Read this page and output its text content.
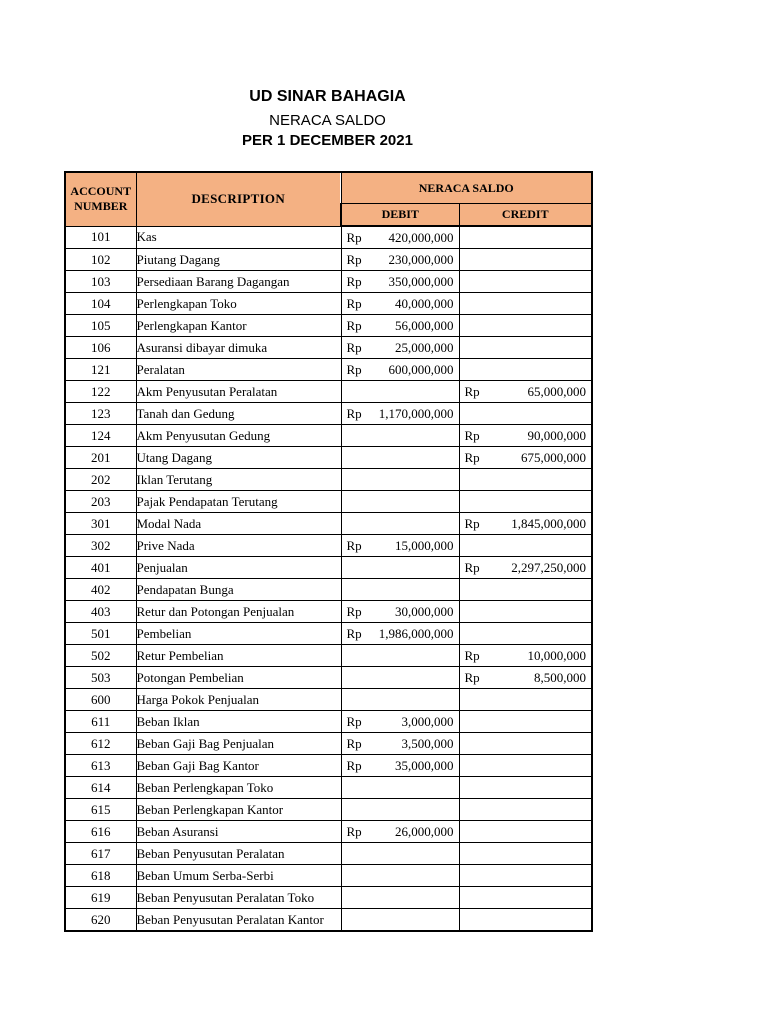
UD SINAR BAHAGIA
NERACA SALDO
PER 1 DECEMBER 2021
ACCOUNT
NUMBER	DESCRIPTION	NERACA SALDO	
		DEBIT	CREDIT
101	Kas	Rp 420,000,000	

102	Piutang Dagang	Rp 230,000,000	

103	Persediaan Barang Dagangan	Rp 350,000,000	

104	Perlengkapan Toko	Rp 40,000,000	

105	Perlengkapan Kantor	Rp 56,000,000	

106	Asuransi dibayar dimuka	Rp 25,000,000	

121	Peralatan	Rp 600,000,000	

122	Akm Penyusutan Peralatan		Rp 65,000,000

123	Tanah dan Gedung	Rp 1,170,000,000	

124	Akm Penyusutan Gedung		Rp 90,000,000

201	Utang Dagang		Rp 675,000,000

202	Iklan Terutang	

203	Pajak Pendapatan Terutang	

301	Modal Nada		Rp 1,845,000,000

302	Prive Nada	Rp 15,000,000	

401	Penjualan		Rp 2,297,250,000

402	Pendapatan Bunga	

403	Retur dan Potongan Penjualan	Rp 30,000,000	

501	Pembelian	Rp 1,986,000,000	

502	Retur Pembelian		Rp 10,000,000

503	Potongan Pembelian		Rp 8,500,000

600	Harga Pokok Penjualan	

611	Beban Iklan	Rp 3,000,000	

612	Beban Gaji Bag Penjualan	Rp 3,500,000	

613	Beban Gaji Bag Kantor	Rp 35,000,000	

614	Beban Perlengkapan Toko	

615	Beban Perlengkapan Kantor	

616	Beban Asuransi	Rp 26,000,000	

617	Beban Penyusutan Peralatan	

618	Beban Umum Serba-Serbi	

619	Beban Penyusutan Peralatan Toko	

620	Beban Penyusutan Peralatan Kantor	
